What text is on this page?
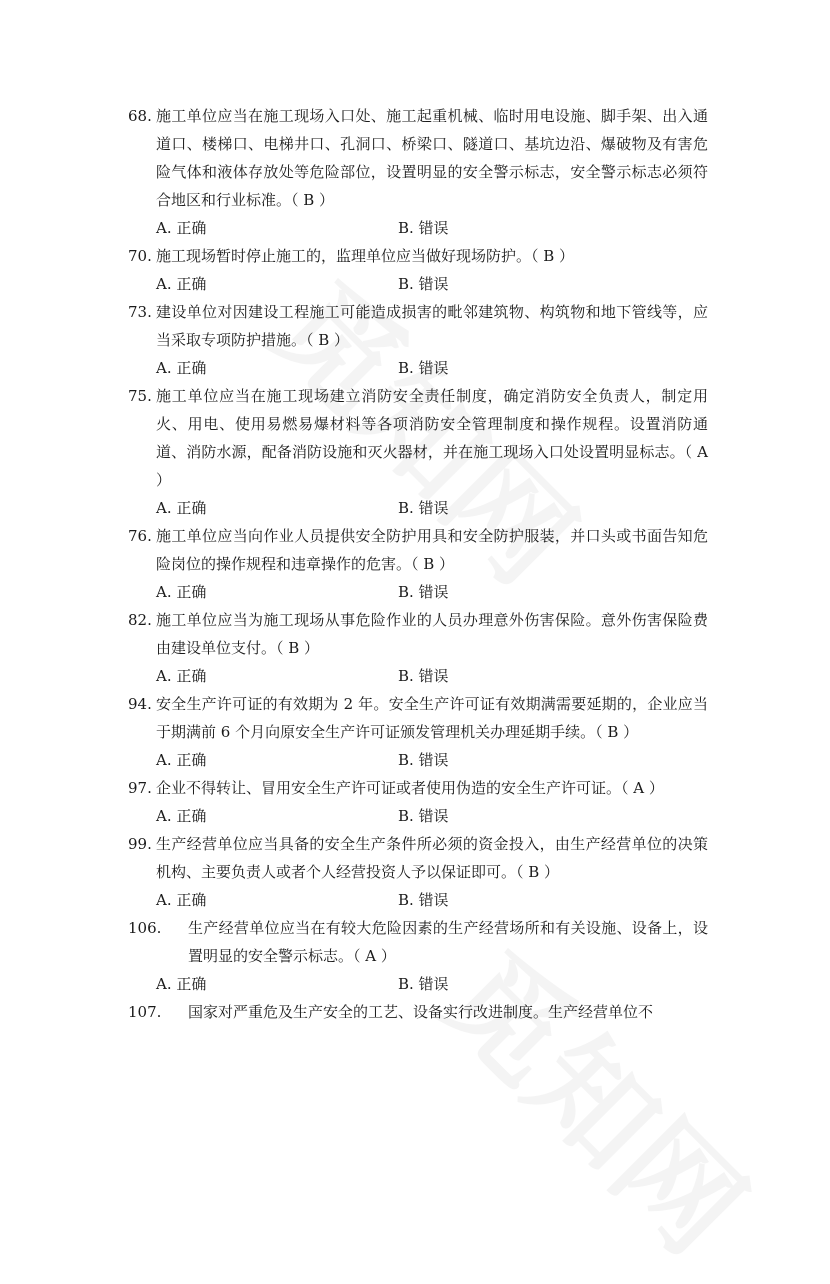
68. 施工单位应当在施工现场入口处、施工起重机械、临时用电设施、脚手架、出入通道口、楼梯口、电梯井口、孔洞口、桥梁口、隧道口、基坑边沿、爆破物及有害危险气体和液体存放处等危险部位，设置明显的安全警示标志，安全警示标志必须符合地区和行业标准。（ B ）
A. 正确	B. 错误
70. 施工现场暂时停止施工的，监理单位应当做好现场防护。（ B ）
A. 正确	B. 错误
73. 建设单位对因建设工程施工可能造成损害的毗邻建筑物、构筑物和地下管线等，应当采取专项防护措施。（ B ）
A. 正确	B. 错误
75. 施工单位应当在施工现场建立消防安全责任制度，确定消防安全负责人，制定用火、用电、使用易燃易爆材料等各项消防安全管理制度和操作规程。设置消防通道、消防水源，配备消防设施和灭火器材，并在施工现场入口处设置明显标志。（ A ）
A. 正确	B. 错误
76. 施工单位应当向作业人员提供安全防护用具和安全防护服装，并口头或书面告知危险岗位的操作规程和违章操作的危害。（ B ）
A. 正确	B. 错误
82. 施工单位应当为施工现场从事危险作业的人员办理意外伤害保险。意外伤害保险费由建设单位支付。（ B ）
A. 正确	B. 错误
94. 安全生产许可证的有效期为 2 年。安全生产许可证有效期满需要延期的，企业应当于期满前 6 个月向原安全生产许可证颁发管理机关办理延期手续。（ B ）
A. 正确	B. 错误
97. 企业不得转让、冒用安全生产许可证或者使用伪造的安全生产许可证。（ A ）
A. 正确	B. 错误
99. 生产经营单位应当具备的安全生产条件所必须的资金投入，由生产经营单位的决策机构、主要负责人或者个人经营投资人予以保证即可。（ B ）
A. 正确	B. 错误
106.	生产经营单位应当在有较大危险因素的生产经营场所和有关设施、设备上，设置明显的安全警示标志。（ A ）
A. 正确	B. 错误
107.	国家对严重危及生产安全的工艺、设备实行改进制度。生产经营单位不
